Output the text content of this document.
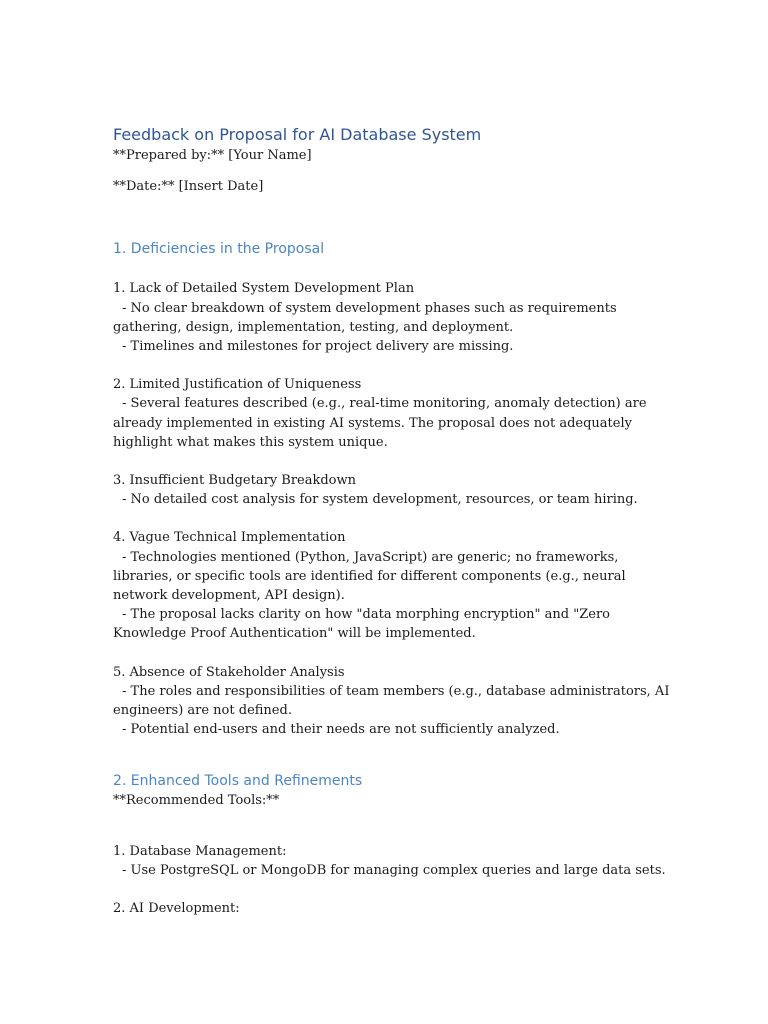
Feedback on Proposal for AI Database System

**Prepared by:** [Your Name]

**Date:** [Insert Date]

1. Deficiencies in the Proposal

1. Lack of Detailed System Development Plan

- No clear breakdown of system development phases such as requirements gathering, design, implementation, testing, and deployment.

- Timelines and milestones for project delivery are missing.

2. Limited Justification of Uniqueness

- Several features described (e.g., real-time monitoring, anomaly detection) are already implemented in existing AI systems. The proposal does not adequately highlight what makes this system unique.

3. Insufficient Budgetary Breakdown

- No detailed cost analysis for system development, resources, or team hiring.

4. Vague Technical Implementation

- Technologies mentioned (Python, JavaScript) are generic; no frameworks, libraries, or specific tools are identified for different components (e.g., neural network development, API design).

- The proposal lacks clarity on how "data morphing encryption" and "Zero Knowledge Proof Authentication" will be implemented.

5. Absence of Stakeholder Analysis

- The roles and responsibilities of team members (e.g., database administrators, AI engineers) are not defined.

- Potential end-users and their needs are not sufficiently analyzed.

2. Enhanced Tools and Refinements

**Recommended Tools:**

1. Database Management:

- Use PostgreSQL or MongoDB for managing complex queries and large data sets.

2. AI Development:
